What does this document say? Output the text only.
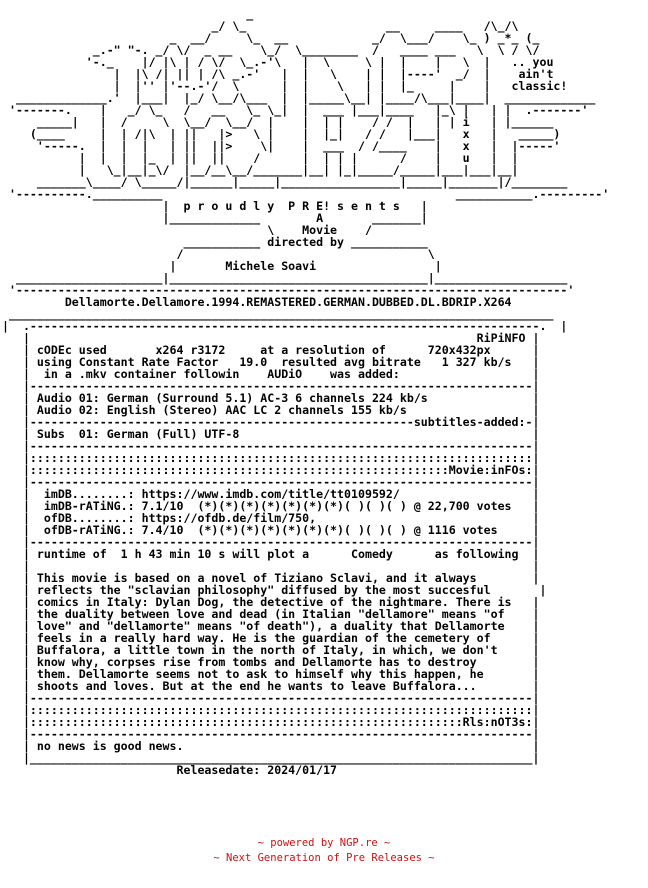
_
_/ \_                    __     ____   /\_/\
_  __/     \_  __            _/  \___/    \_ ) _*_ (_
_.-" "-. _/ \/  _ __    \_/  \________  /   ____ ___   \  \ / \/
'-._    |/ |\ | / \/  \_.-'\   |  \     \ |  |    |   \  |   .. you
|  |\ /| || | /\ _.-'   |  |   \    | |  |----'  _/  |    ain't
|  |'' |'--.-'/  \      |  |    \   | |  |_     |    |   classic!
_____________.'  |___|  |_/ \__/\___  |  |_____\__| |____/\___|____|  _____________
'-------.    |   _/ \_   /   __   \_ \_|  |  ___ |___|____   |_\ |   | |  .-------'
_____|   |  /     \  \__/  \__/  |    |  | |    / /  |   | | i   | |______
(____     |  | /|\  | ||   |>   \ |    |  |_|   / /   |___|   x   |   _____)
'-----.  |  |  |   | ||  ||>    \|    |  ___  / /____    |   x   |  |-----'
|  |  |  |_  | ||  ||    /      |  | | |      /    |   u   |  |
|   \_|__|_\/  |__/__\__/_______|__| |_|_____/_____|___|___|__|
_______\____/ \_____/|______|_____|_________________|_____|_______|/________
'----------.__________                                          ___________.---------'
|  p r o u d l y  P R E! s e n t s   |
|_____________        A       _______|
\    Movie    /
___________ directed by ___________
/                                   \
|       Michele Soavi                 |
_____________________|_____________________________________|___________________
'-------------------------------------------------------------------------------'
Dellamorte.Dellamore.1994.REMASTERED.GERMAN.DUBBED.DL.BDRIP.X264
______________________________________________________________________________
|  .-------------------------------------------------------------------------.  |
|                                                                RiPiNFO |
| cODEc used       x264 r3172     at a resolution of      720x432px      |
| using Constant Rate Factor   19.0  resulted avg bitrate   1 327 kb/s   |
|  in a .mkv container followin    AUDiO    was added:                   |
|------------------------------------------------------------------------|
| Audio 01: German (Surround 5.1) AC-3 6 channels 224 kb/s               |
| Audio 02: English (Stereo) AAC LC 2 channels 155 kb/s                  |
|-------------------------------------------------------subtitles-added:-|
| Subs  01: German (Full) UTF-8                                          |
|------------------------------------------------------------------------|
|::::::::::::::::::::::::::::::::::::::::::::::::::::::::::::::::::::::::|
|::::::::::::::::::::::::::::::::::::::::::::::::::::::::::::Movie:inFOs:|
|------------------------------------------------------------------------|
|  imDB........: https://www.imdb.com/title/tt0109592/                   |
|  imDB-rATiNG.: 7.1/10  (*)(*)(*)(*)(*)(*)(*)( )( )( ) @ 22,700 votes   |
|  ofDB........: https://ofdb.de/film/750,                               |
|  ofDB-rATiNG.: 7.4/10  (*)(*)(*)(*)(*)(*)(*)( )( )( ) @ 1116 votes     |
|------------------------------------------------------------------------|
| runtime of  1 h 43 min 10 s will plot a      Comedy      as following  |
|                                                                        |
| This movie is based on a novel of Tiziano Sclavi, and it always        |
| reflects the "sclavian philosophy" diffused by the most succesful       |
| comics in Italy: Dylan Dog, the detective of the nightmare. There is   |
| the duality between love and dead (in Italian "dellamore" means "of    |
| love" and "dellamorte" means "of death"), a duality that Dellamorte    |
| feels in a really hard way. He is the guardian of the cemetery of      |
| Buffalora, a little town in the north of Italy, in which, we don't     |
| know why, corpses rise from tombs and Dellamorte has to destroy        |
| them. Dellamorte seems not to ask to himself why this happen, he       |
| shoots and loves. But at the end he wants to leave Buffalora...        |
|------------------------------------------------------------------------|
|::::::::::::::::::::::::::::::::::::::::::::::::::::::::::::::::::::::::|
|::::::::::::::::::::::::::::::::::::::::::::::::::::::::::::::Rls:nOT3s:|
|------------------------------------------------------------------------|
| no news is good news.                                                  |
|________________________________________________________________________|
Releasedate: 2024/01/17
~ powered by NGP.re ~
~ Next Generation of Pre Releases ~
